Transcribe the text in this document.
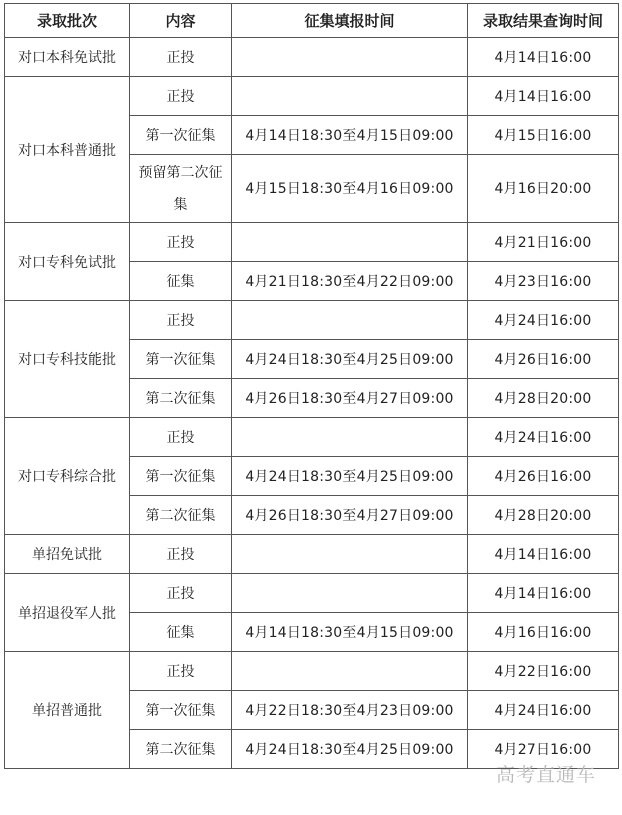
录取批次	内容	征集填报时间	录取结果查询时间
对口本科免试批	正投		4月14日16:00
对口本科普通批	正投		4月14日16:00
	第一次征集	4月14日18:30至4月15日09:00	4月15日16:00
	预留第二次征集	4月15日18:30至4月16日09:00	4月16日20:00
对口专科免试批	正投		4月21日16:00
	征集	4月21日18:30至4月22日09:00	4月23日16:00
对口专科技能批	正投		4月24日16:00
	第一次征集	4月24日18:30至4月25日09:00	4月26日16:00
	第二次征集	4月26日18:30至4月27日09:00	4月28日20:00
对口专科综合批	正投		4月24日16:00
	第一次征集	4月24日18:30至4月25日09:00	4月26日16:00
	第二次征集	4月26日18:30至4月27日09:00	4月28日20:00
单招免试批	正投		4月14日16:00
单招退役军人批	正投		4月14日16:00
	征集	4月14日18:30至4月15日09:00	4月16日16:00
单招普通批	正投		4月22日16:00
	第一次征集	4月22日18:30至4月23日09:00	4月24日16:00
	第二次征集	4月24日18:30至4月25日09:00	4月27日16:00
高考直通车
